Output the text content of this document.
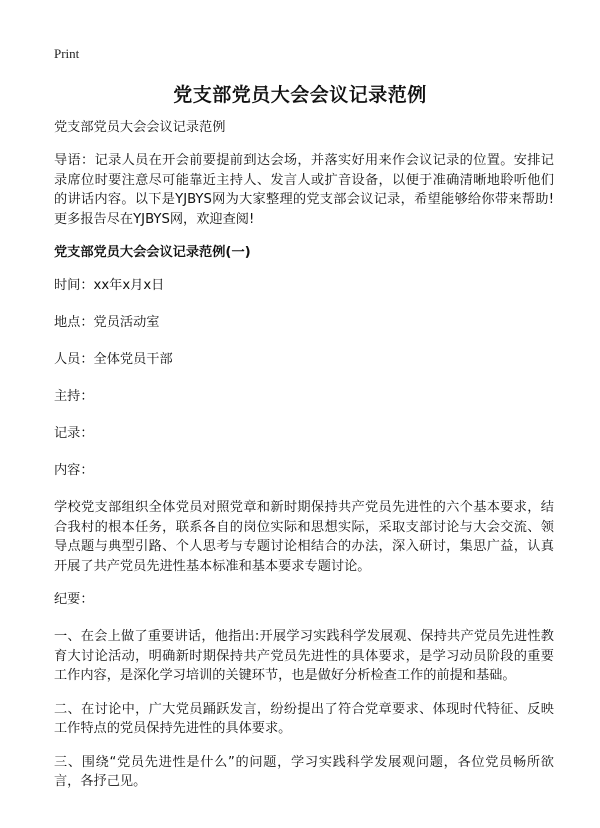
Print
党支部党员大会会议记录范例

党支部党员大会会议记录范例

导语：记录人员在开会前要提前到达会场，并落实好用来作会议记录的位置。安排记录席位时要注意尽可能靠近主持人、发言人或扩音设备，以便于准确清晰地聆听他们的讲话内容。以下是YJBYS网为大家整理的党支部会议记录，希望能够给你带来帮助!更多报告尽在YJBYS网，欢迎查阅!

党支部党员大会会议记录范例(一)

时间：xx年x月x日

地点：党员活动室

人员：全体党员干部

主持：

记录：

内容：

学校党支部组织全体党员对照党章和新时期保持共产党员先进性的六个基本要求，结合我村的根本任务，联系各自的岗位实际和思想实际，采取支部讨论与大会交流、领导点题与典型引路、个人思考与专题讨论相结合的办法，深入研讨，集思广益，认真开展了共产党员先进性基本标准和基本要求专题讨论。

纪要：

一、在会上做了重要讲话，他指出:开展学习实践科学发展观、保持共产党员先进性教育大讨论活动，明确新时期保持共产党员先进性的具体要求，是学习动员阶段的重要工作内容，是深化学习培训的关键环节，也是做好分析检查工作的前提和基础。

二、在讨论中，广大党员踊跃发言，纷纷提出了符合党章要求、体现时代特征、反映工作特点的党员保持先进性的具体要求。

三、围绕“党员先进性是什么”的问题，学习实践科学发展观问题，各位党员畅所欲言，各抒己见。
